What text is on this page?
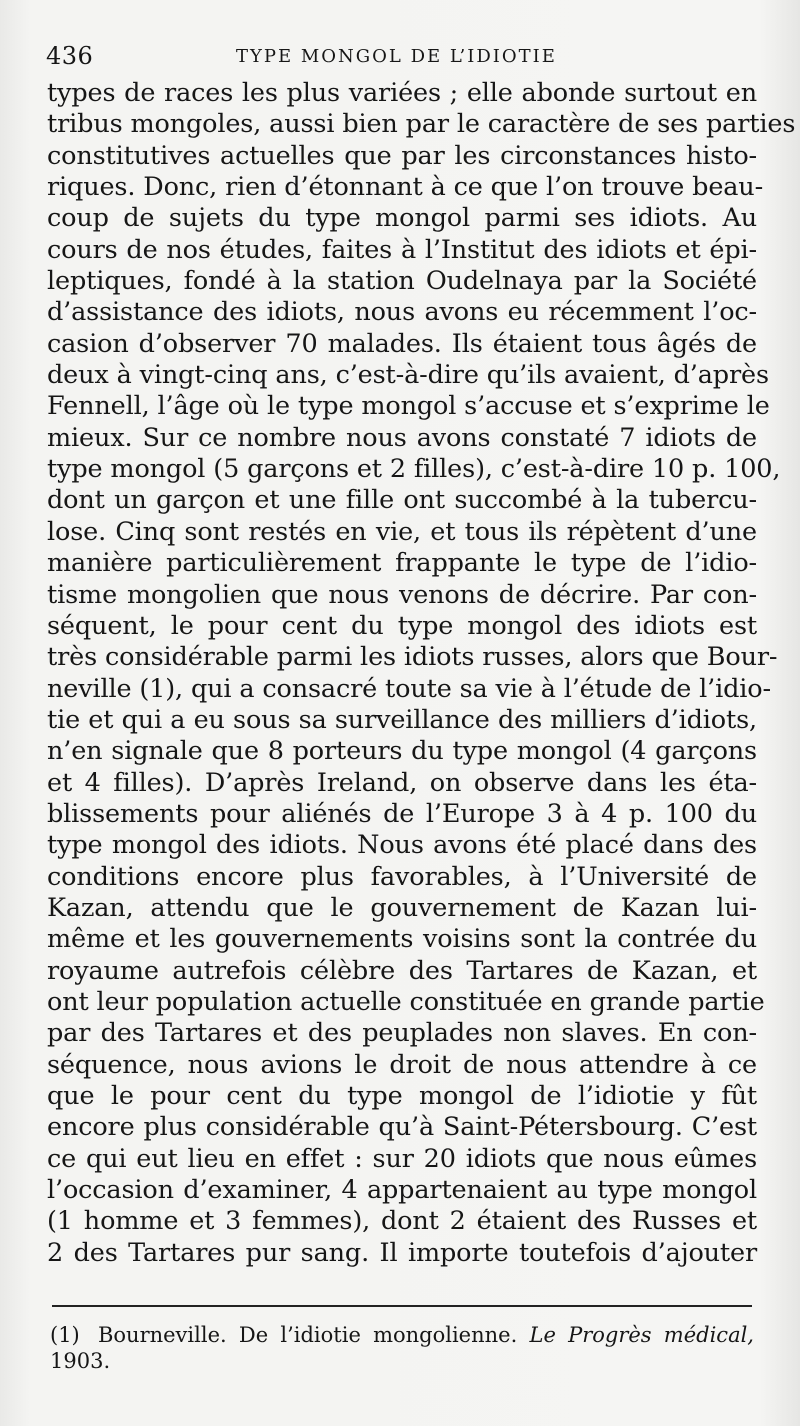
436	TYPE MONGOL DE L’IDIOTIE
types de races les plus variées ; elle abonde surtout en
tribus mongoles, aussi bien par le caractère de ses parties
constitutives actuelles que par les circonstances histo-
riques. Donc, rien d’étonnant à ce que l’on trouve beau-
coup de sujets du type mongol parmi ses idiots. Au
cours de nos études, faites à l’Institut des idiots et épi-
leptiques, fondé à la station Oudelnaya par la Société
d’assistance des idiots, nous avons eu récemment l’oc-
casion d’observer 70 malades. Ils étaient tous âgés de
deux à vingt-cinq ans, c’est-à-dire qu’ils avaient, d’après
Fennell, l’âge où le type mongol s’accuse et s’exprime le
mieux. Sur ce nombre nous avons constaté 7 idiots de
type mongol (5 garçons et 2 filles), c’est-à-dire 10 p. 100,
dont un garçon et une fille ont succombé à la tubercu-
lose. Cinq sont restés en vie, et tous ils répètent d’une
manière particulièrement frappante le type de l’idio-
tisme mongolien que nous venons de décrire. Par con-
séquent, le pour cent du type mongol des idiots est
très considérable parmi les idiots russes, alors que Bour-
neville (1), qui a consacré toute sa vie à l’étude de l’idio-
tie et qui a eu sous sa surveillance des milliers d’idiots,
n’en signale que 8 porteurs du type mongol (4 garçons
et 4 filles). D’après Ireland, on observe dans les éta-
blissements pour aliénés de l’Europe 3 à 4 p. 100 du
type mongol des idiots. Nous avons été placé dans des
conditions encore plus favorables, à l’Université de
Kazan, attendu que le gouvernement de Kazan lui-
même et les gouvernements voisins sont la contrée du
royaume autrefois célèbre des Tartares de Kazan, et
ont leur population actuelle constituée en grande partie
par des Tartares et des peuplades non slaves. En con-
séquence, nous avions le droit de nous attendre à ce
que le pour cent du type mongol de l’idiotie y fût
encore plus considérable qu’à Saint-Pétersbourg. C’est
ce qui eut lieu en effet : sur 20 idiots que nous eûmes
l’occasion d’examiner, 4 appartenaient au type mongol
(1 homme et 3 femmes), dont 2 étaient des Russes et
2 des Tartares pur sang. Il importe toutefois d’ajouter
(1) Bourneville. De l’idiotie mongolienne. Le Progrès médical,
1903.
